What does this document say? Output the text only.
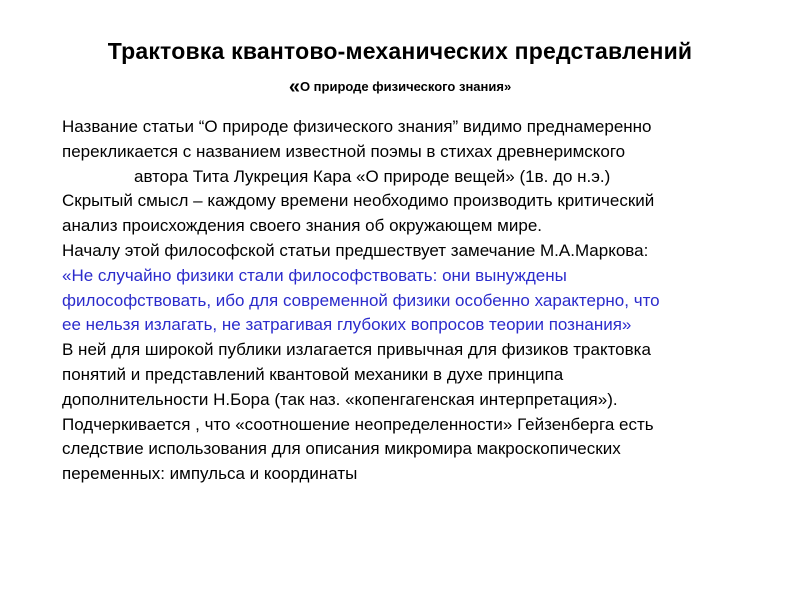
Трактовка квантово-механических представлений
«О природе физического знания»
Название статьи “О природе физического знания” видимо преднамеренно
перекликается с названием известной поэмы в стихах древнеримского
автора Тита Лукреция Кара «О природе вещей» (1в. до н.э.)
Скрытый смысл – каждому времени необходимо производить критический
анализ происхождения своего знания об окружающем мире.
Началу этой философской статьи предшествует замечание М.А.Маркова:
«Не случайно физики стали философствовать: они вынуждены
философствовать, ибо для современной физики особенно характерно, что
ее нельзя излагать, не затрагивая глубоких вопросов теории познания»
В ней для широкой публики излагается привычная для физиков трактовка
понятий и представлений квантовой механики в духе принципа
дополнительности Н.Бора (так наз. «копенгагенская интерпретация»).
Подчеркивается , что «соотношение неопределенности» Гейзенберга есть
следствие использования для описания микромира макроскопических
переменных: импульса и координаты
